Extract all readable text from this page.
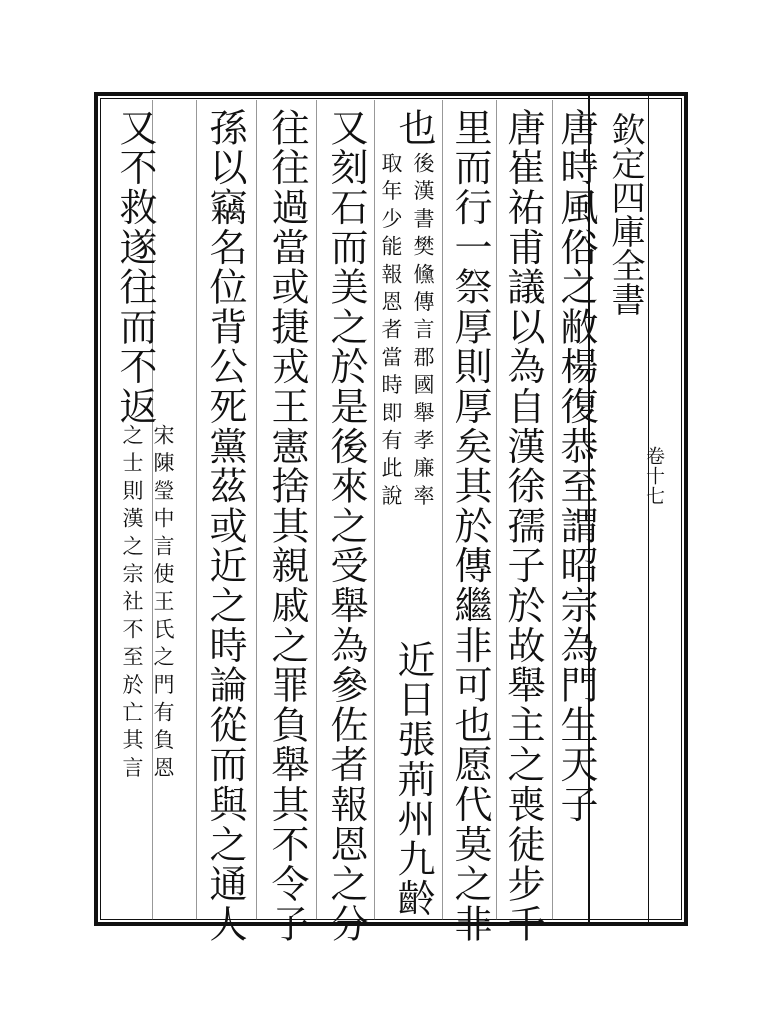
欽定四庫全書
卷十七
唐時風俗之敝楊復恭至謂昭宗為門生天子
唐崔祐甫議以為自漢徐孺子於故舉主之喪徒步千
里而行一祭厚則厚矣其於傳繼非可也愿代莫之非
也
後漢書樊儵傳言郡國舉孝廉率
取年少能報恩者當時即有此說
近日張荊州九齡
又刻石而美之於是後來之受舉為參佐者報恩之分
往往過當或捷戎王憲捨其親戚之罪負舉其不令子
孫以竊名位背公死黨茲或近之時論從而與之通人
又不救遂往而不返
宋陳瑩中言使王氏之門有負恩
之士則漢之宗社不至於亡其言
